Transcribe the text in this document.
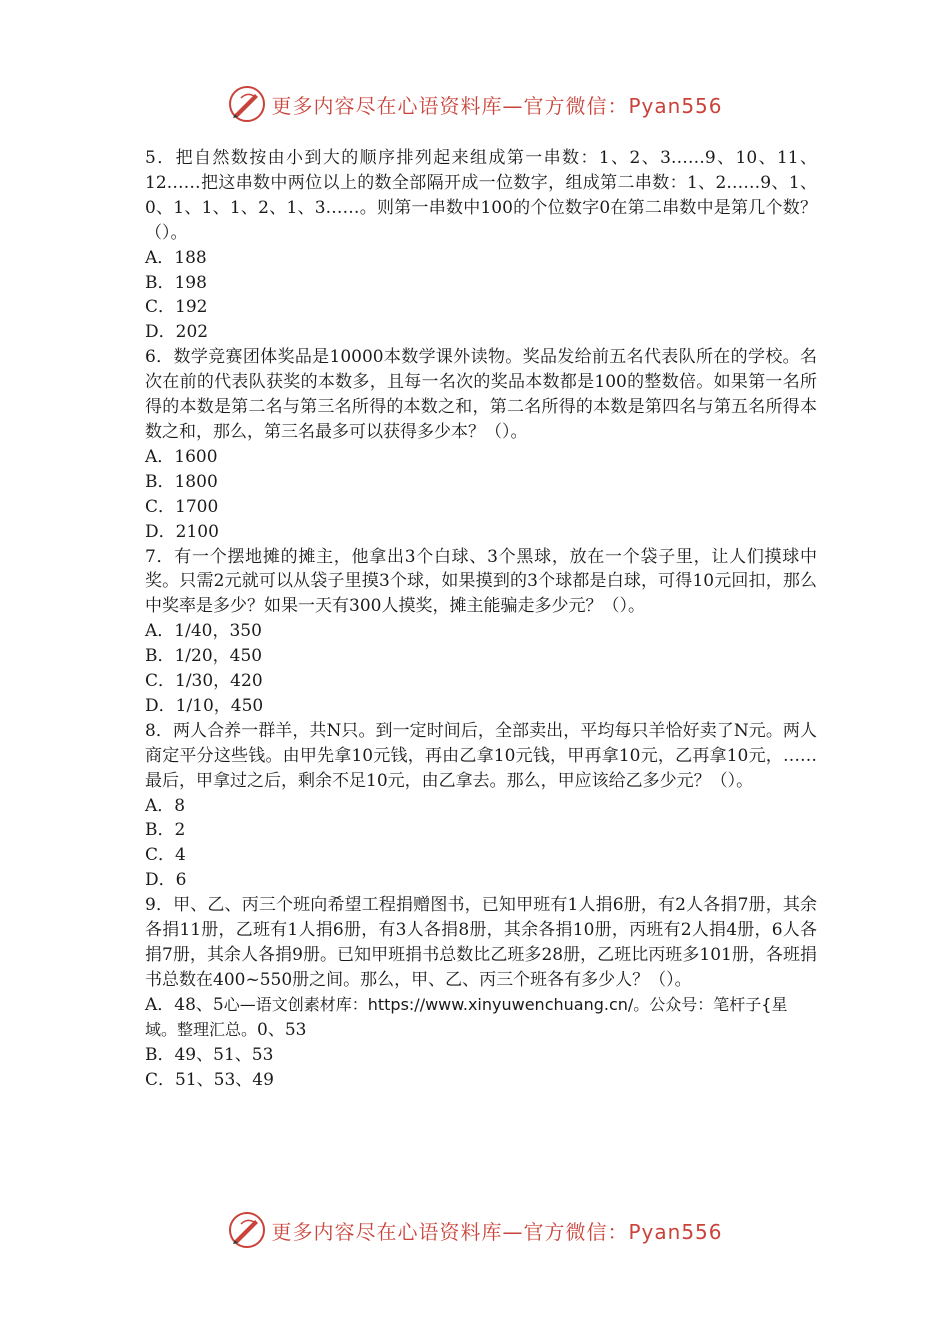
更多内容尽在心语资料库—官方微信：Pyan556

5．把自然数按由小到大的顺序排列起来组成第一串数：1、2、3……9、10、11、12……把这串数中两位以上的数全部隔开成一位数字，组成第二串数：1、2……9、1、0、1、1、1、2、1、3……。则第一串数中100的个位数字0在第二串数中是第几个数？（）。

A．188

B．198

C．192

D．202

6．数学竞赛团体奖品是10000本数学课外读物。奖品发给前五名代表队所在的学校。名次在前的代表队获奖的本数多，且每一名次的奖品本数都是100的整数倍。如果第一名所得的本数是第二名与第三名所得的本数之和，第二名所得的本数是第四名与第五名所得本数之和，那么，第三名最多可以获得多少本？（）。

A．1600

B．1800

C．1700

D．2100

7．有一个摆地摊的摊主，他拿出3个白球、3个黑球，放在一个袋子里，让人们摸球中奖。只需2元就可以从袋子里摸3个球，如果摸到的3个球都是白球，可得10元回扣，那么中奖率是多少？如果一天有300人摸奖，摊主能骗走多少元？（）。

A．1/40，350

B．1/20，450

C．1/30，420

D．1/10，450

8．两人合养一群羊，共N只。到一定时间后，全部卖出，平均每只羊恰好卖了N元。两人商定平分这些钱。由甲先拿10元钱，再由乙拿10元钱，甲再拿10元，乙再拿10元，……最后，甲拿过之后，剩余不足10元，由乙拿去。那么，甲应该给乙多少元？（）。

A．8

B．2

C．4

D．6

9．甲、乙、丙三个班向希望工程捐赠图书，已知甲班有1人捐6册，有2人各捐7册，其余各捐11册，乙班有1人捐6册，有3人各捐8册，其余各捐10册，丙班有2人捐4册，6人各捐7册，其余人各捐9册。已知甲班捐书总数比乙班多28册，乙班比丙班多101册，各班捐书总数在400~550册之间。那么，甲、乙、丙三个班各有多少人？（）。

A．48、5心—语文创素材库：https://www.xinyuwenchuang.cn/。公众号：笔杆子{星域。整理汇总。0、53

B．49、51、53

C．51、53、49

更多内容尽在心语资料库—官方微信：Pyan556
